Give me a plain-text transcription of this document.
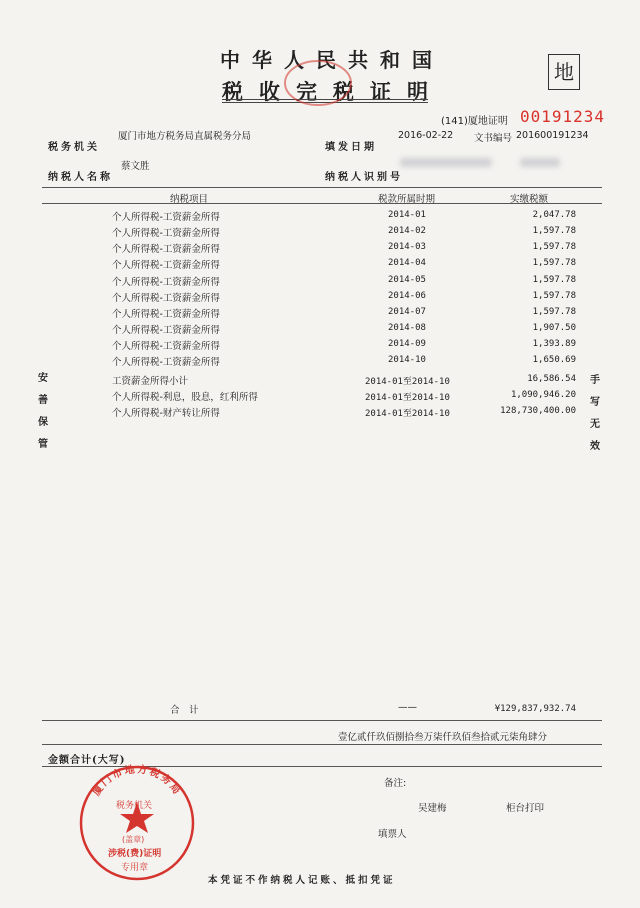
中华人民共和国
税收完税证明
地
(141)厦地证明 00191234
税务机关
厦门市地方税务局直属税务分局
填发日期
2016-02-22 文书编号 201600191234
纳税人名称
蔡文胜
纳税人识别号
纳税项目	税款所属时期	实缴税额
个人所得税-工资薪金所得	2014-01	2,047.78
个人所得税-工资薪金所得	2014-02	1,597.78
个人所得税-工资薪金所得	2014-03	1,597.78
个人所得税-工资薪金所得	2014-04	1,597.78
个人所得税-工资薪金所得	2014-05	1,597.78
个人所得税-工资薪金所得	2014-06	1,597.78
个人所得税-工资薪金所得	2014-07	1,597.78
个人所得税-工资薪金所得	2014-08	1,907.50
个人所得税-工资薪金所得	2014-09	1,393.89
个人所得税-工资薪金所得	2014-10	1,650.69
工资薪金所得小计	2014-01至2014-10	16,586.54
个人所得税-利息，股息，红利所得	2014-01至2014-10	1,090,946.20
个人所得税-财产转让所得	2014-01至2014-10	128,730,400.00
安善保管
手写无效
合　计	——	¥129,837,932.74
壹亿贰仟玖佰捌拾叁万柒仟玖佰叁拾贰元柒角肆分
金额合计(大写)
备注:
吴建梅	柜台打印
填票人
本凭证不作纳税人记账、抵扣凭证
厦门市地方税务局
税务机关
(盖章)
涉税(费)证明
专用章
